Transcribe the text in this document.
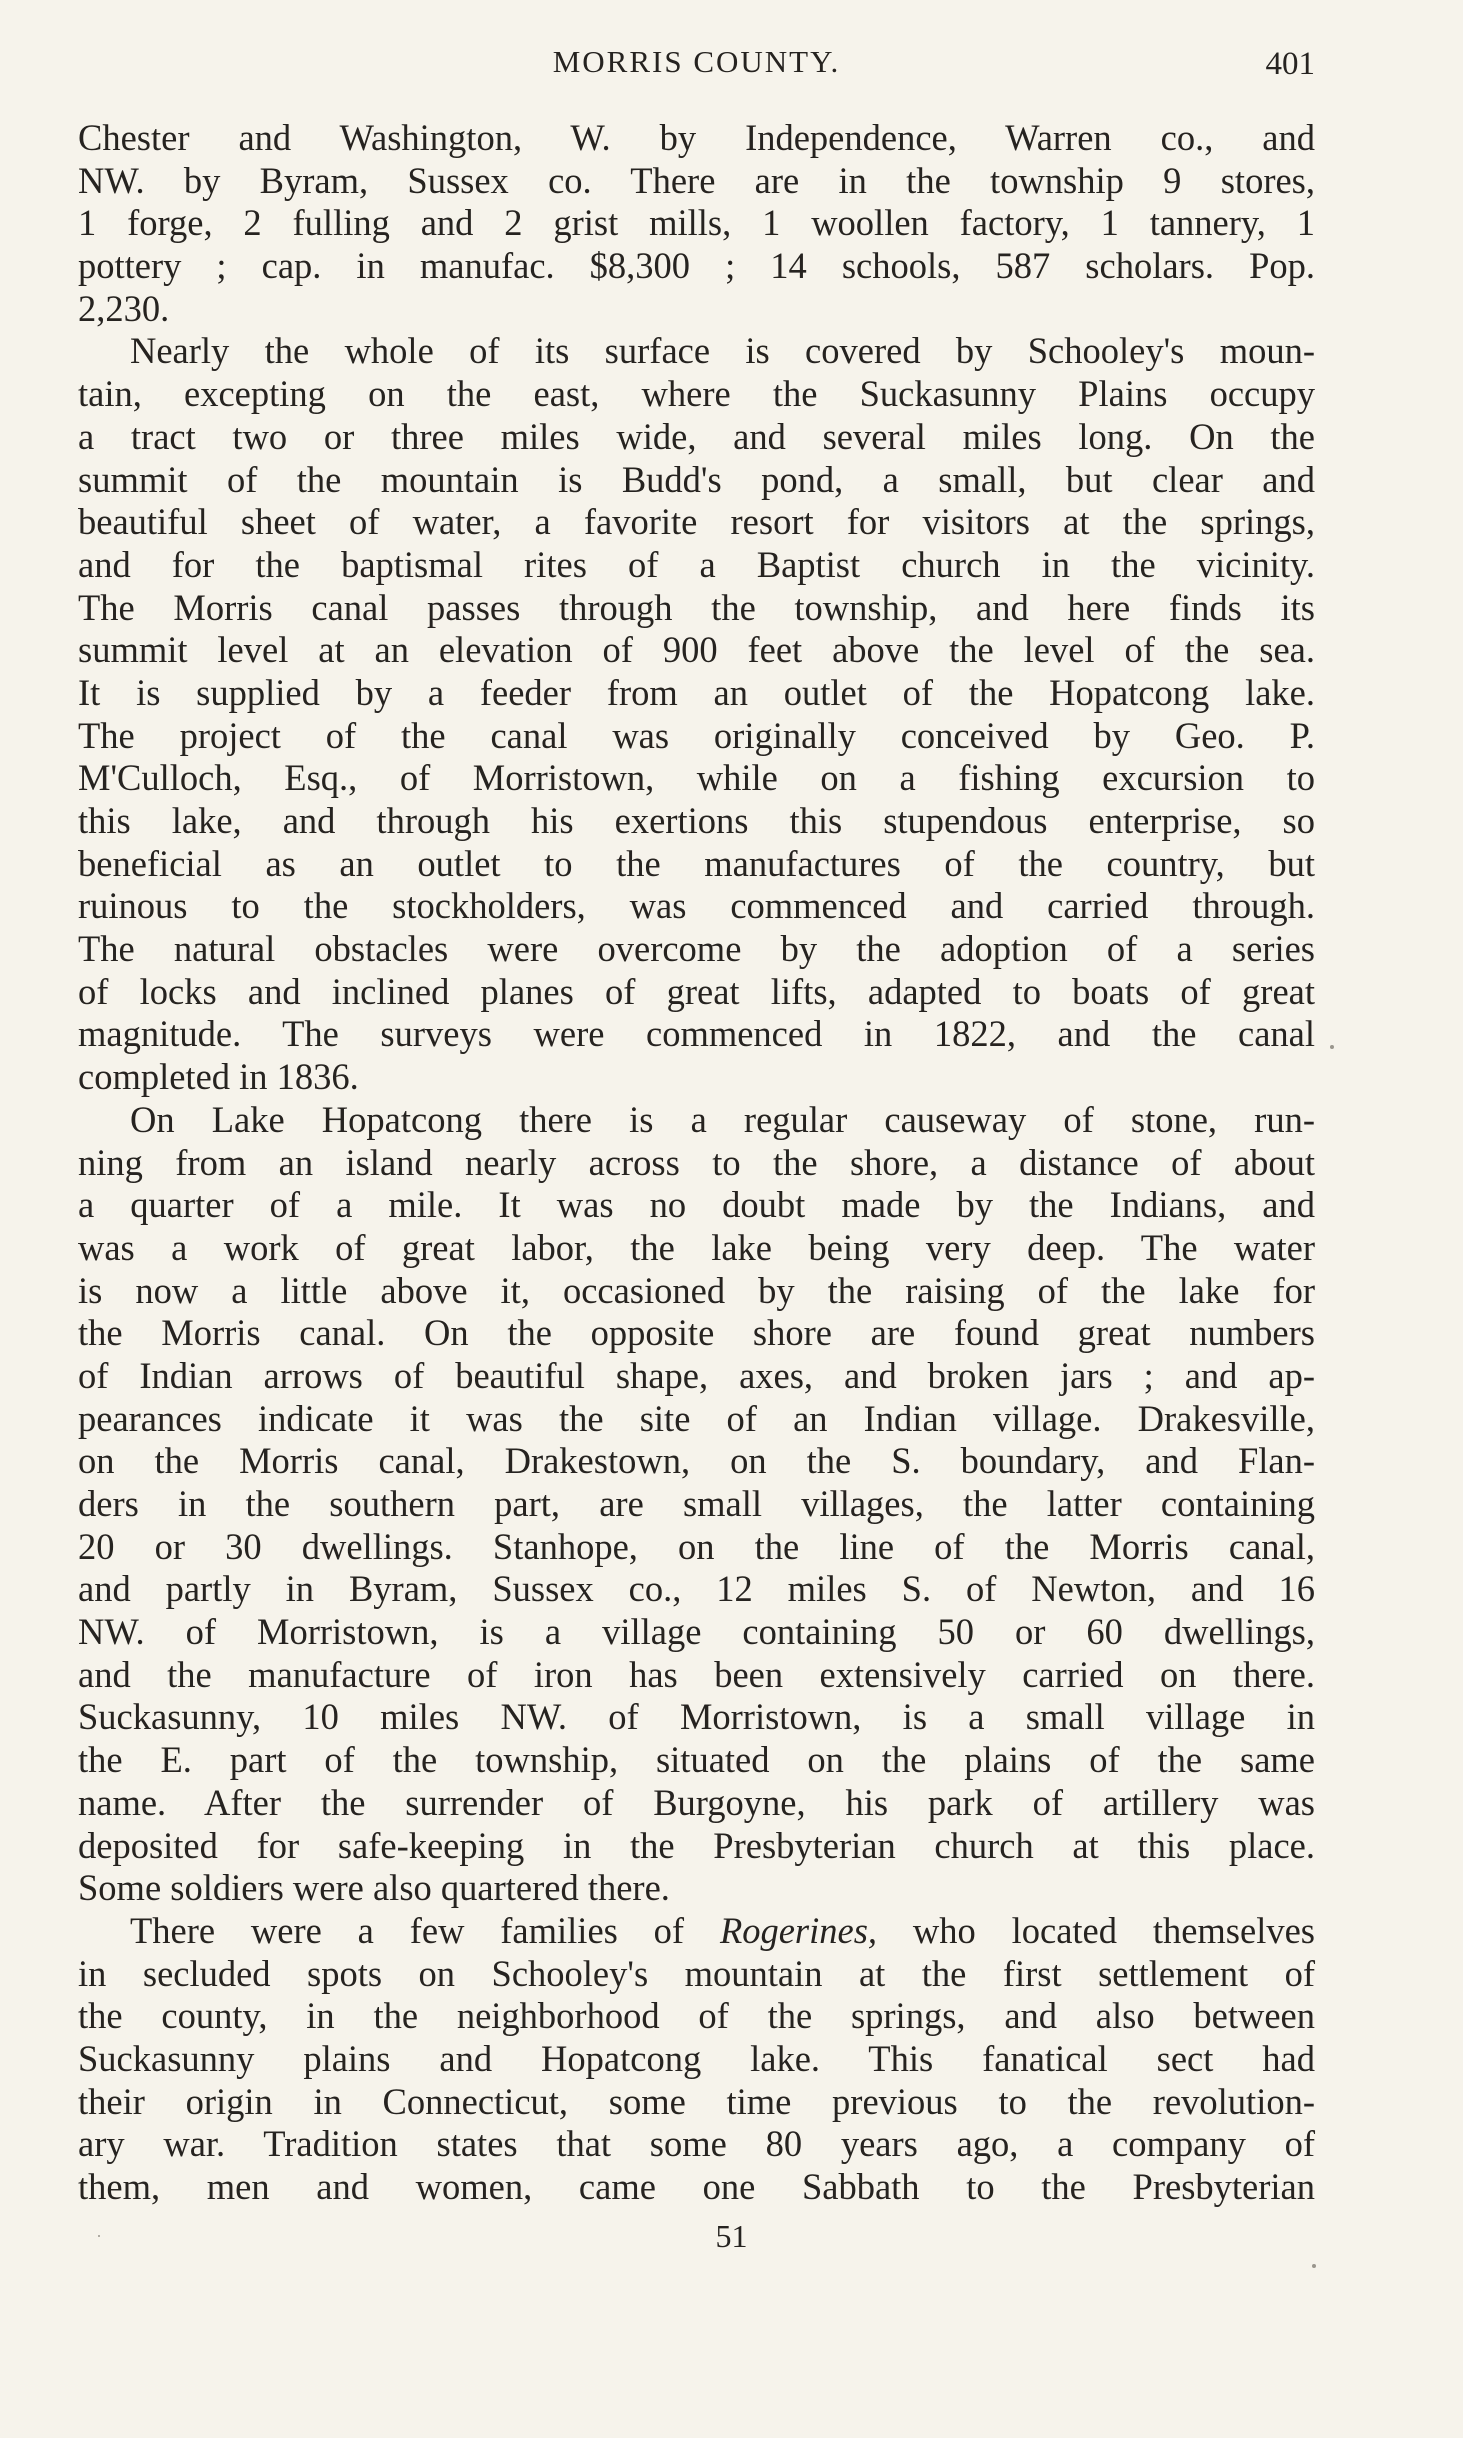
MORRIS COUNTY.	401
Chester and Washington, W. by Independence, Warren co., and
NW. by Byram, Sussex co. There are in the township 9 stores,
1 forge, 2 fulling and 2 grist mills, 1 woollen factory, 1 tannery, 1
pottery ; cap. in manufac. $8,300 ; 14 schools, 587 scholars. Pop.
2,230.
Nearly the whole of its surface is covered by Schooley's moun-
tain, excepting on the east, where the Suckasunny Plains occupy
a tract two or three miles wide, and several miles long. On the
summit of the mountain is Budd's pond, a small, but clear and
beautiful sheet of water, a favorite resort for visitors at the springs,
and for the baptismal rites of a Baptist church in the vicinity.
The Morris canal passes through the township, and here finds its
summit level at an elevation of 900 feet above the level of the sea.
It is supplied by a feeder from an outlet of the Hopatcong lake.
The project of the canal was originally conceived by Geo. P.
M'Culloch, Esq., of Morristown, while on a fishing excursion to
this lake, and through his exertions this stupendous enterprise, so
beneficial as an outlet to the manufactures of the country, but
ruinous to the stockholders, was commenced and carried through.
The natural obstacles were overcome by the adoption of a series
of locks and inclined planes of great lifts, adapted to boats of great
magnitude. The surveys were commenced in 1822, and the canal
completed in 1836.
On Lake Hopatcong there is a regular causeway of stone, run-
ning from an island nearly across to the shore, a distance of about
a quarter of a mile. It was no doubt made by the Indians, and
was a work of great labor, the lake being very deep. The water
is now a little above it, occasioned by the raising of the lake for
the Morris canal. On the opposite shore are found great numbers
of Indian arrows of beautiful shape, axes, and broken jars ; and ap-
pearances indicate it was the site of an Indian village. Drakesville,
on the Morris canal, Drakestown, on the S. boundary, and Flan-
ders in the southern part, are small villages, the latter containing
20 or 30 dwellings. Stanhope, on the line of the Morris canal,
and partly in Byram, Sussex co., 12 miles S. of Newton, and 16
NW. of Morristown, is a village containing 50 or 60 dwellings,
and the manufacture of iron has been extensively carried on there.
Suckasunny, 10 miles NW. of Morristown, is a small village in
the E. part of the township, situated on the plains of the same
name. After the surrender of Burgoyne, his park of artillery was
deposited for safe-keeping in the Presbyterian church at this place.
Some soldiers were also quartered there.
There were a few families of Rogerines, who located themselves
in secluded spots on Schooley's mountain at the first settlement of
the county, in the neighborhood of the springs, and also between
Suckasunny plains and Hopatcong lake. This fanatical sect had
their origin in Connecticut, some time previous to the revolution-
ary war. Tradition states that some 80 years ago, a company of
them, men and women, came one Sabbath to the Presbyterian
51
